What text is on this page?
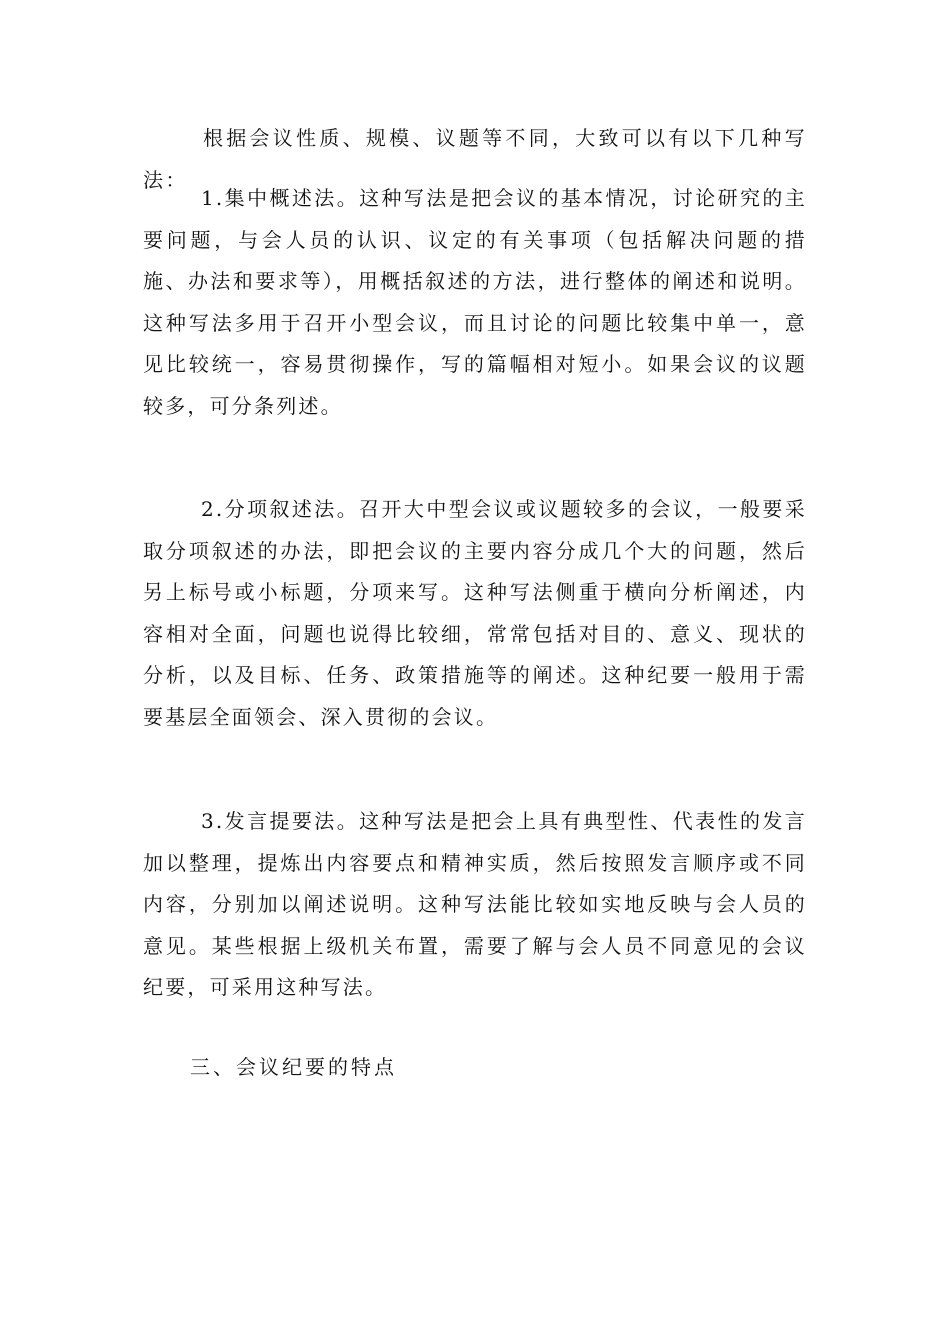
根据会议性质、规模、议题等不同，大致可以有以下几种写法：

1.集中概述法。这种写法是把会议的基本情况，讨论研究的主要问题，与会人员的认识、议定的有关事项（包括解决问题的措施、办法和要求等），用概括叙述的方法，进行整体的阐述和说明。这种写法多用于召开小型会议，而且讨论的问题比较集中单一，意见比较统一，容易贯彻操作，写的篇幅相对短小。如果会议的议题较多，可分条列述。

2.分项叙述法。召开大中型会议或议题较多的会议，一般要采取分项叙述的办法，即把会议的主要内容分成几个大的问题，然后另上标号或小标题，分项来写。这种写法侧重于横向分析阐述，内容相对全面，问题也说得比较细，常常包括对目的、意义、现状的分析，以及目标、任务、政策措施等的阐述。这种纪要一般用于需要基层全面领会、深入贯彻的会议。

3.发言提要法。这种写法是把会上具有典型性、代表性的发言加以整理，提炼出内容要点和精神实质，然后按照发言顺序或不同内容，分别加以阐述说明。这种写法能比较如实地反映与会人员的意见。某些根据上级机关布置，需要了解与会人员不同意见的会议纪要，可采用这种写法。

三、会议纪要的特点
